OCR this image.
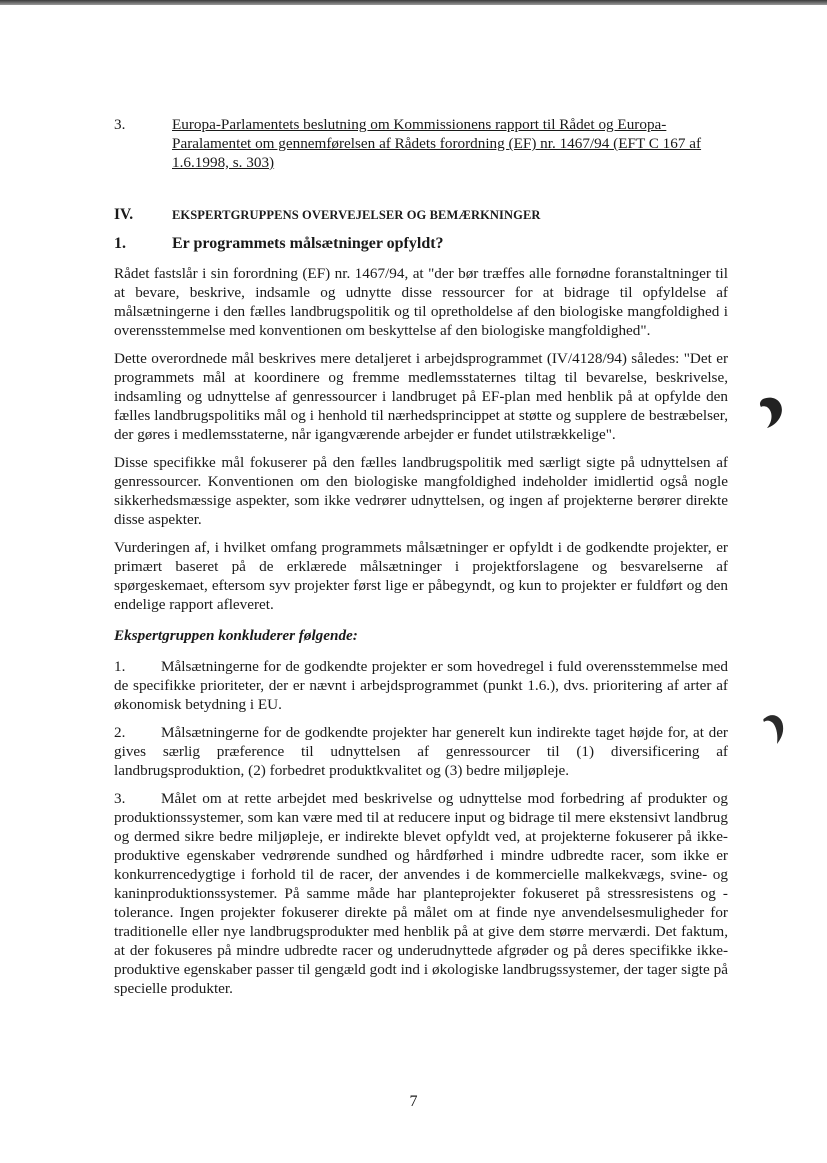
3.	Europa-Parlamentets beslutning om Kommissionens rapport til Rådet og Europa-Paralamentet om gennemførelsen af Rådets forordning (EF) nr. 1467/94 (EFT C 167 af 1.6.1998, s. 303)
IV.	EKSPERTGRUPPENS OVERVEJELSER OG BEMÆRKNINGER
1.	Er programmets målsætninger opfyldt?

Rådet fastslår i sin forordning (EF) nr. 1467/94, at "der bør træffes alle fornødne foranstaltninger til at bevare, beskrive, indsamle og udnytte disse ressourcer for at bidrage til opfyldelse af målsætningerne i den fælles landbrugspolitik og til opretholdelse af den biologiske mangfoldighed i overensstemmelse med konventionen om beskyttelse af den biologiske mangfoldighed".

Dette overordnede mål beskrives mere detaljeret i arbejdsprogrammet (IV/4128/94) således: "Det er programmets mål at koordinere og fremme medlemsstaternes tiltag til bevarelse, beskrivelse, indsamling og udnyttelse af genressourcer i landbruget på EF-plan med henblik på at opfylde den fælles landbrugspolitiks mål og i henhold til nærhedsprincippet at støtte og supplere de bestræbelser, der gøres i medlemsstaterne, når igangværende arbejder er fundet utilstrækkelige".

Disse specifikke mål fokuserer på den fælles landbrugspolitik med særligt sigte på udnyttelsen af genressourcer. Konventionen om den biologiske mangfoldighed indeholder imidlertid også nogle sikkerhedsmæssige aspekter, som ikke vedrører udnyttelsen, og ingen af projekterne berører direkte disse aspekter.

Vurderingen af, i hvilket omfang programmets målsætninger er opfyldt i de godkendte projekter, er primært baseret på de erklærede målsætninger i projektforslagene og besvarelserne af spørgeskemaet, eftersom syv projekter først lige er påbegyndt, og kun to projekter er fuldført og den endelige rapport afleveret.

Ekspertgruppen konkluderer følgende:

1. Målsætningerne for de godkendte projekter er som hovedregel i fuld overensstemmelse med de specifikke prioriteter, der er nævnt i arbejdsprogrammet (punkt 1.6.), dvs. prioritering af arter af økonomisk betydning i EU.

2. Målsætningerne for de godkendte projekter har generelt kun indirekte taget højde for, at der gives særlig præference til udnyttelsen af genressourcer til (1) diversificering af landbrugsproduktion, (2) forbedret produktkvalitet og (3) bedre miljøpleje.

3. Målet om at rette arbejdet med beskrivelse og udnyttelse mod forbedring af produkter og produktionssystemer, som kan være med til at reducere input og bidrage til mere ekstensivt landbrug og dermed sikre bedre miljøpleje, er indirekte blevet opfyldt ved, at projekterne fokuserer på ikke-produktive egenskaber vedrørende sundhed og hårdførhed i mindre udbredte racer, som ikke er konkurrencedygtige i forhold til de racer, der anvendes i de kommercielle malkekvægs, svine- og kaninproduktionssystemer. På samme måde har planteprojekter fokuseret på stressresistens og -tolerance. Ingen projekter fokuserer direkte på målet om at finde nye anvendelsesmuligheder for traditionelle eller nye landbrugsprodukter med henblik på at give dem større merværdi. Det faktum, at der fokuseres på mindre udbredte racer og underudnyttede afgrøder og på deres specifikke ikke-produktive egenskaber passer til gengæld godt ind i økologiske landbrugssystemer, der tager sigte på specielle produkter.

7
